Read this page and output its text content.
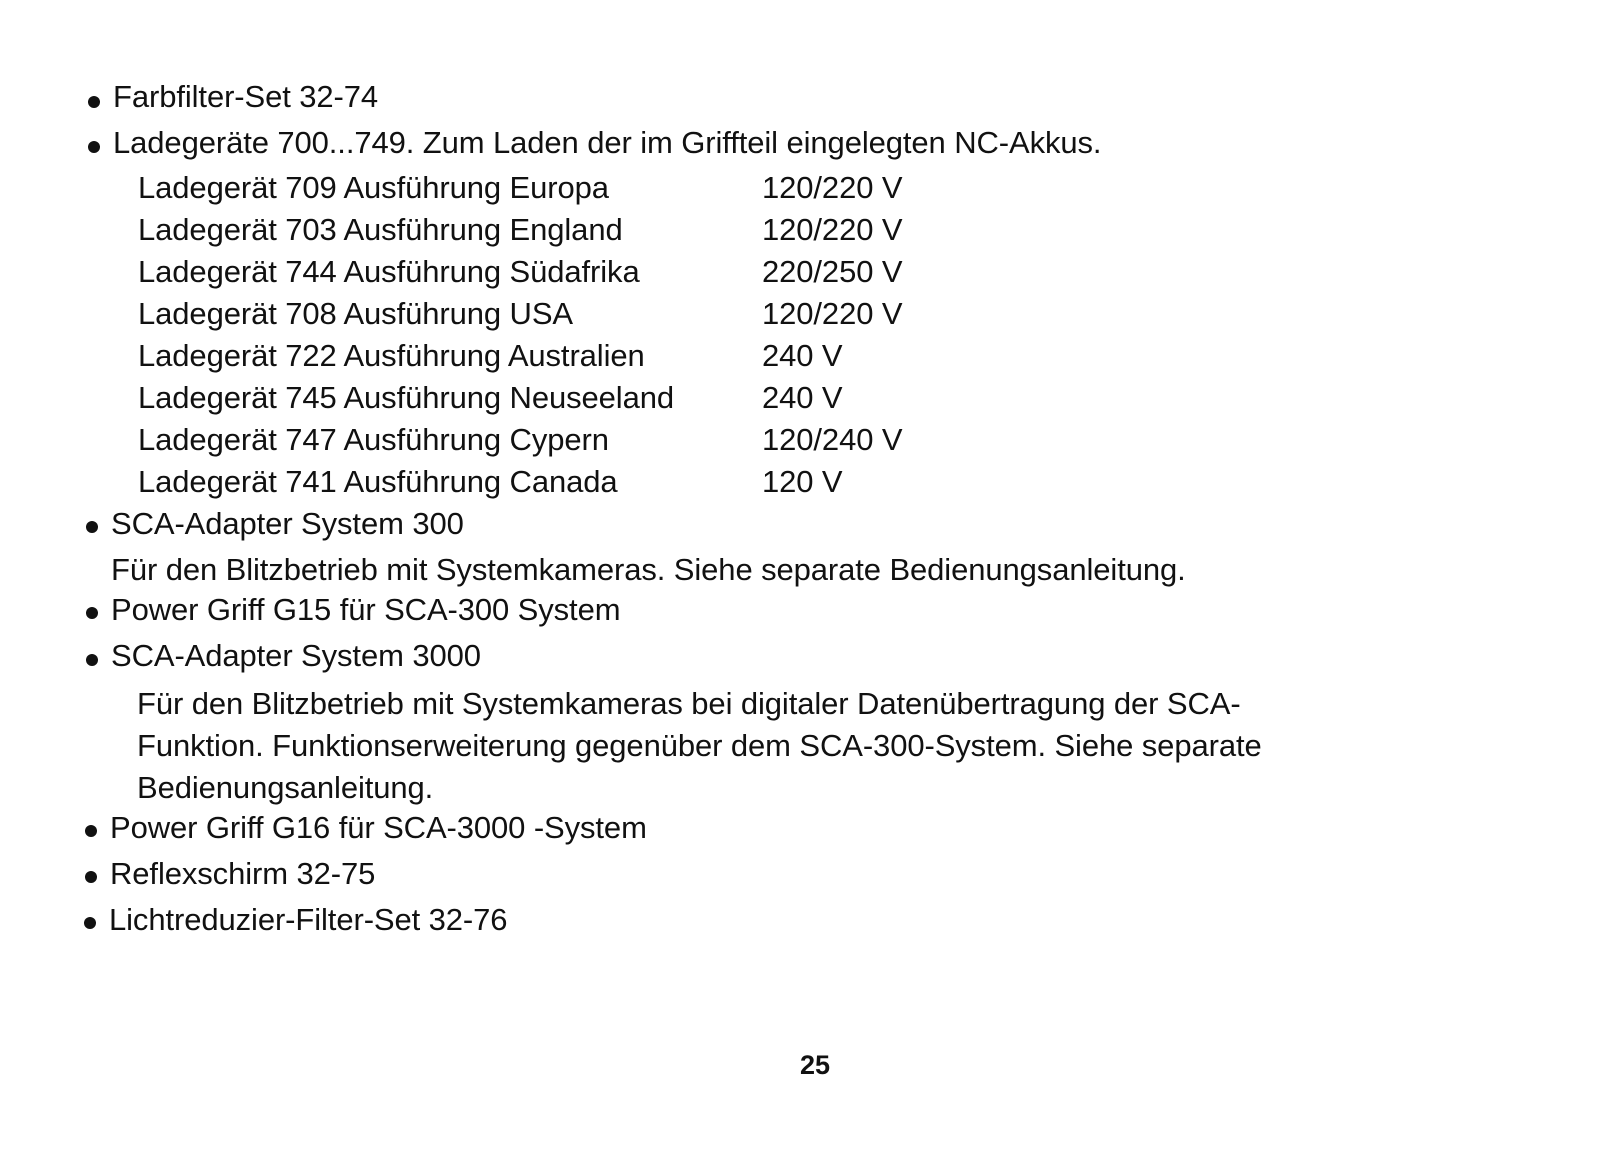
Farbfilter-Set 32-74
Ladegeräte 700...749. Zum Laden der im Griffteil eingelegten NC-Akkus.
Ladegerät 709 Ausführung Europa	120/220 V
Ladegerät 703 Ausführung England	120/220 V
Ladegerät 744 Ausführung Südafrika	220/250 V
Ladegerät 708 Ausführung USA	120/220 V
Ladegerät 722 Ausführung Australien	240 V
Ladegerät 745 Ausführung Neuseeland	240 V
Ladegerät 747 Ausführung Cypern	120/240 V
Ladegerät 741 Ausführung Canada	120 V
SCA-Adapter System 300
Für den Blitzbetrieb mit Systemkameras. Siehe separate Bedienungsanleitung.
Power Griff G15 für SCA-300 System
SCA-Adapter System 3000
Für den Blitzbetrieb mit Systemkameras bei digitaler Datenübertragung der SCA-
Funktion. Funktionserweiterung gegenüber dem SCA-300-System. Siehe separate
Bedienungsanleitung.
Power Griff G16 für SCA-3000 -System
Reflexschirm 32-75
Lichtreduzier-Filter-Set 32-76
25
